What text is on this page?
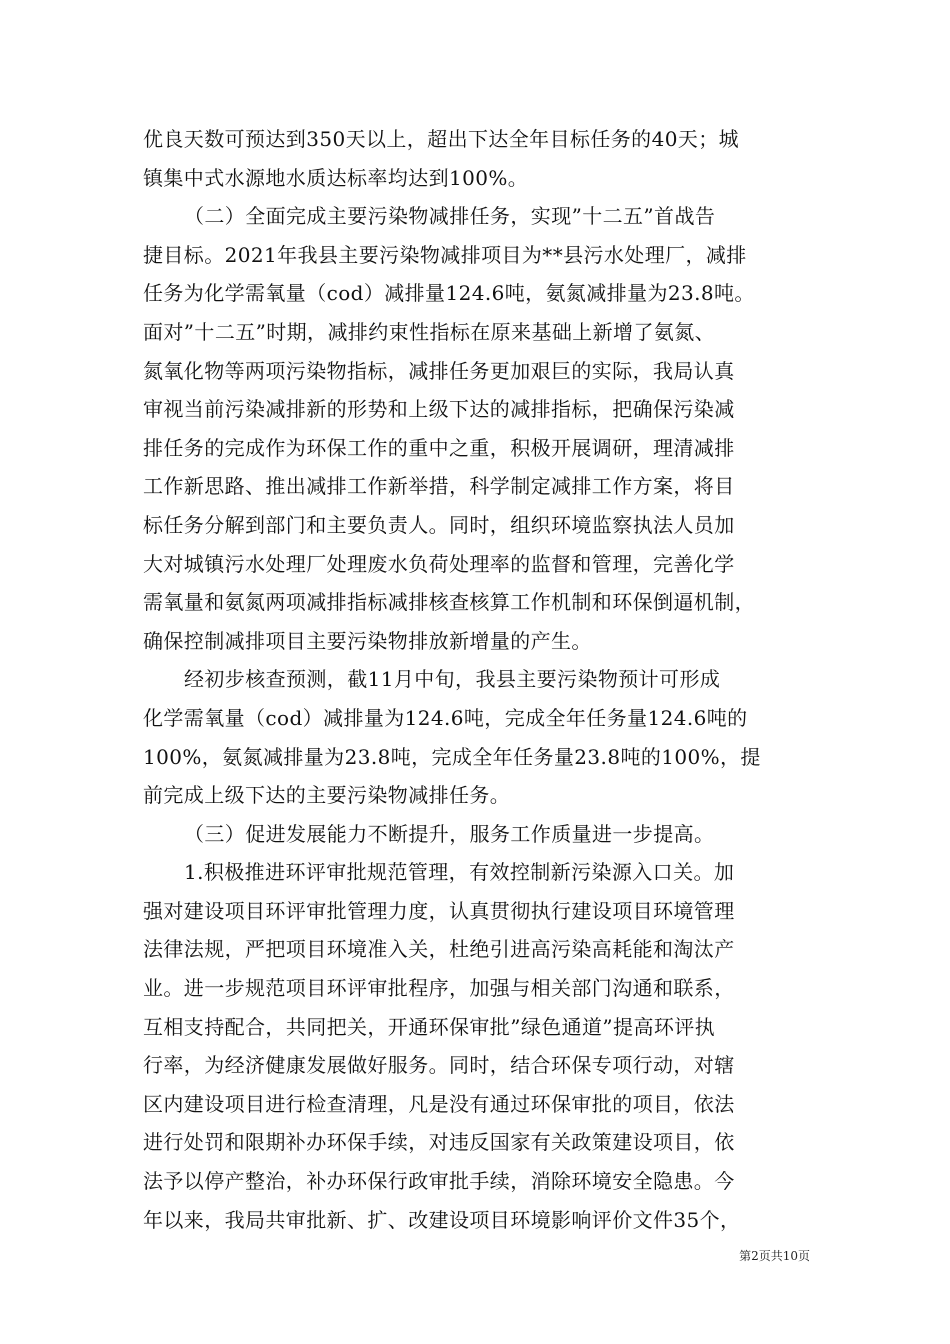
优良天数可预达到350天以上，超出下达全年目标任务的40天；城
镇集中式水源地水质达标率均达到100%。
（二）全面完成主要污染物减排任务，实现”十二五”首战告
捷目标。2021年我县主要污染物减排项目为**县污水处理厂，减排
任务为化学需氧量（cod）减排量124.6吨，氨氮减排量为23.8吨。
面对”十二五”时期，减排约束性指标在原来基础上新增了氨氮、
氮氧化物等两项污染物指标，减排任务更加艰巨的实际，我局认真
审视当前污染减排新的形势和上级下达的减排指标，把确保污染减
排任务的完成作为环保工作的重中之重，积极开展调研，理清减排
工作新思路、推出减排工作新举措，科学制定减排工作方案，将目
标任务分解到部门和主要负责人。同时，组织环境监察执法人员加
大对城镇污水处理厂处理废水负荷处理率的监督和管理，完善化学
需氧量和氨氮两项减排指标减排核查核算工作机制和环保倒逼机制，
确保控制减排项目主要污染物排放新增量的产生。
经初步核查预测，截11月中旬，我县主要污染物预计可形成
化学需氧量（cod）减排量为124.6吨，完成全年任务量124.6吨的
100%，氨氮减排量为23.8吨，完成全年任务量23.8吨的100%，提
前完成上级下达的主要污染物减排任务。
（三）促进发展能力不断提升，服务工作质量进一步提高。
1.积极推进环评审批规范管理，有效控制新污染源入口关。加
强对建设项目环评审批管理力度，认真贯彻执行建设项目环境管理
法律法规，严把项目环境准入关，杜绝引进高污染高耗能和淘汰产
业。进一步规范项目环评审批程序，加强与相关部门沟通和联系，
互相支持配合，共同把关，开通环保审批”绿色通道”提高环评执
行率，为经济健康发展做好服务。同时，结合环保专项行动，对辖
区内建设项目进行检查清理，凡是没有通过环保审批的项目，依法
进行处罚和限期补办环保手续，对违反国家有关政策建设项目，依
法予以停产整治，补办环保行政审批手续，消除环境安全隐患。今
年以来，我局共审批新、扩、改建设项目环境影响评价文件35个，
第2页共10页
